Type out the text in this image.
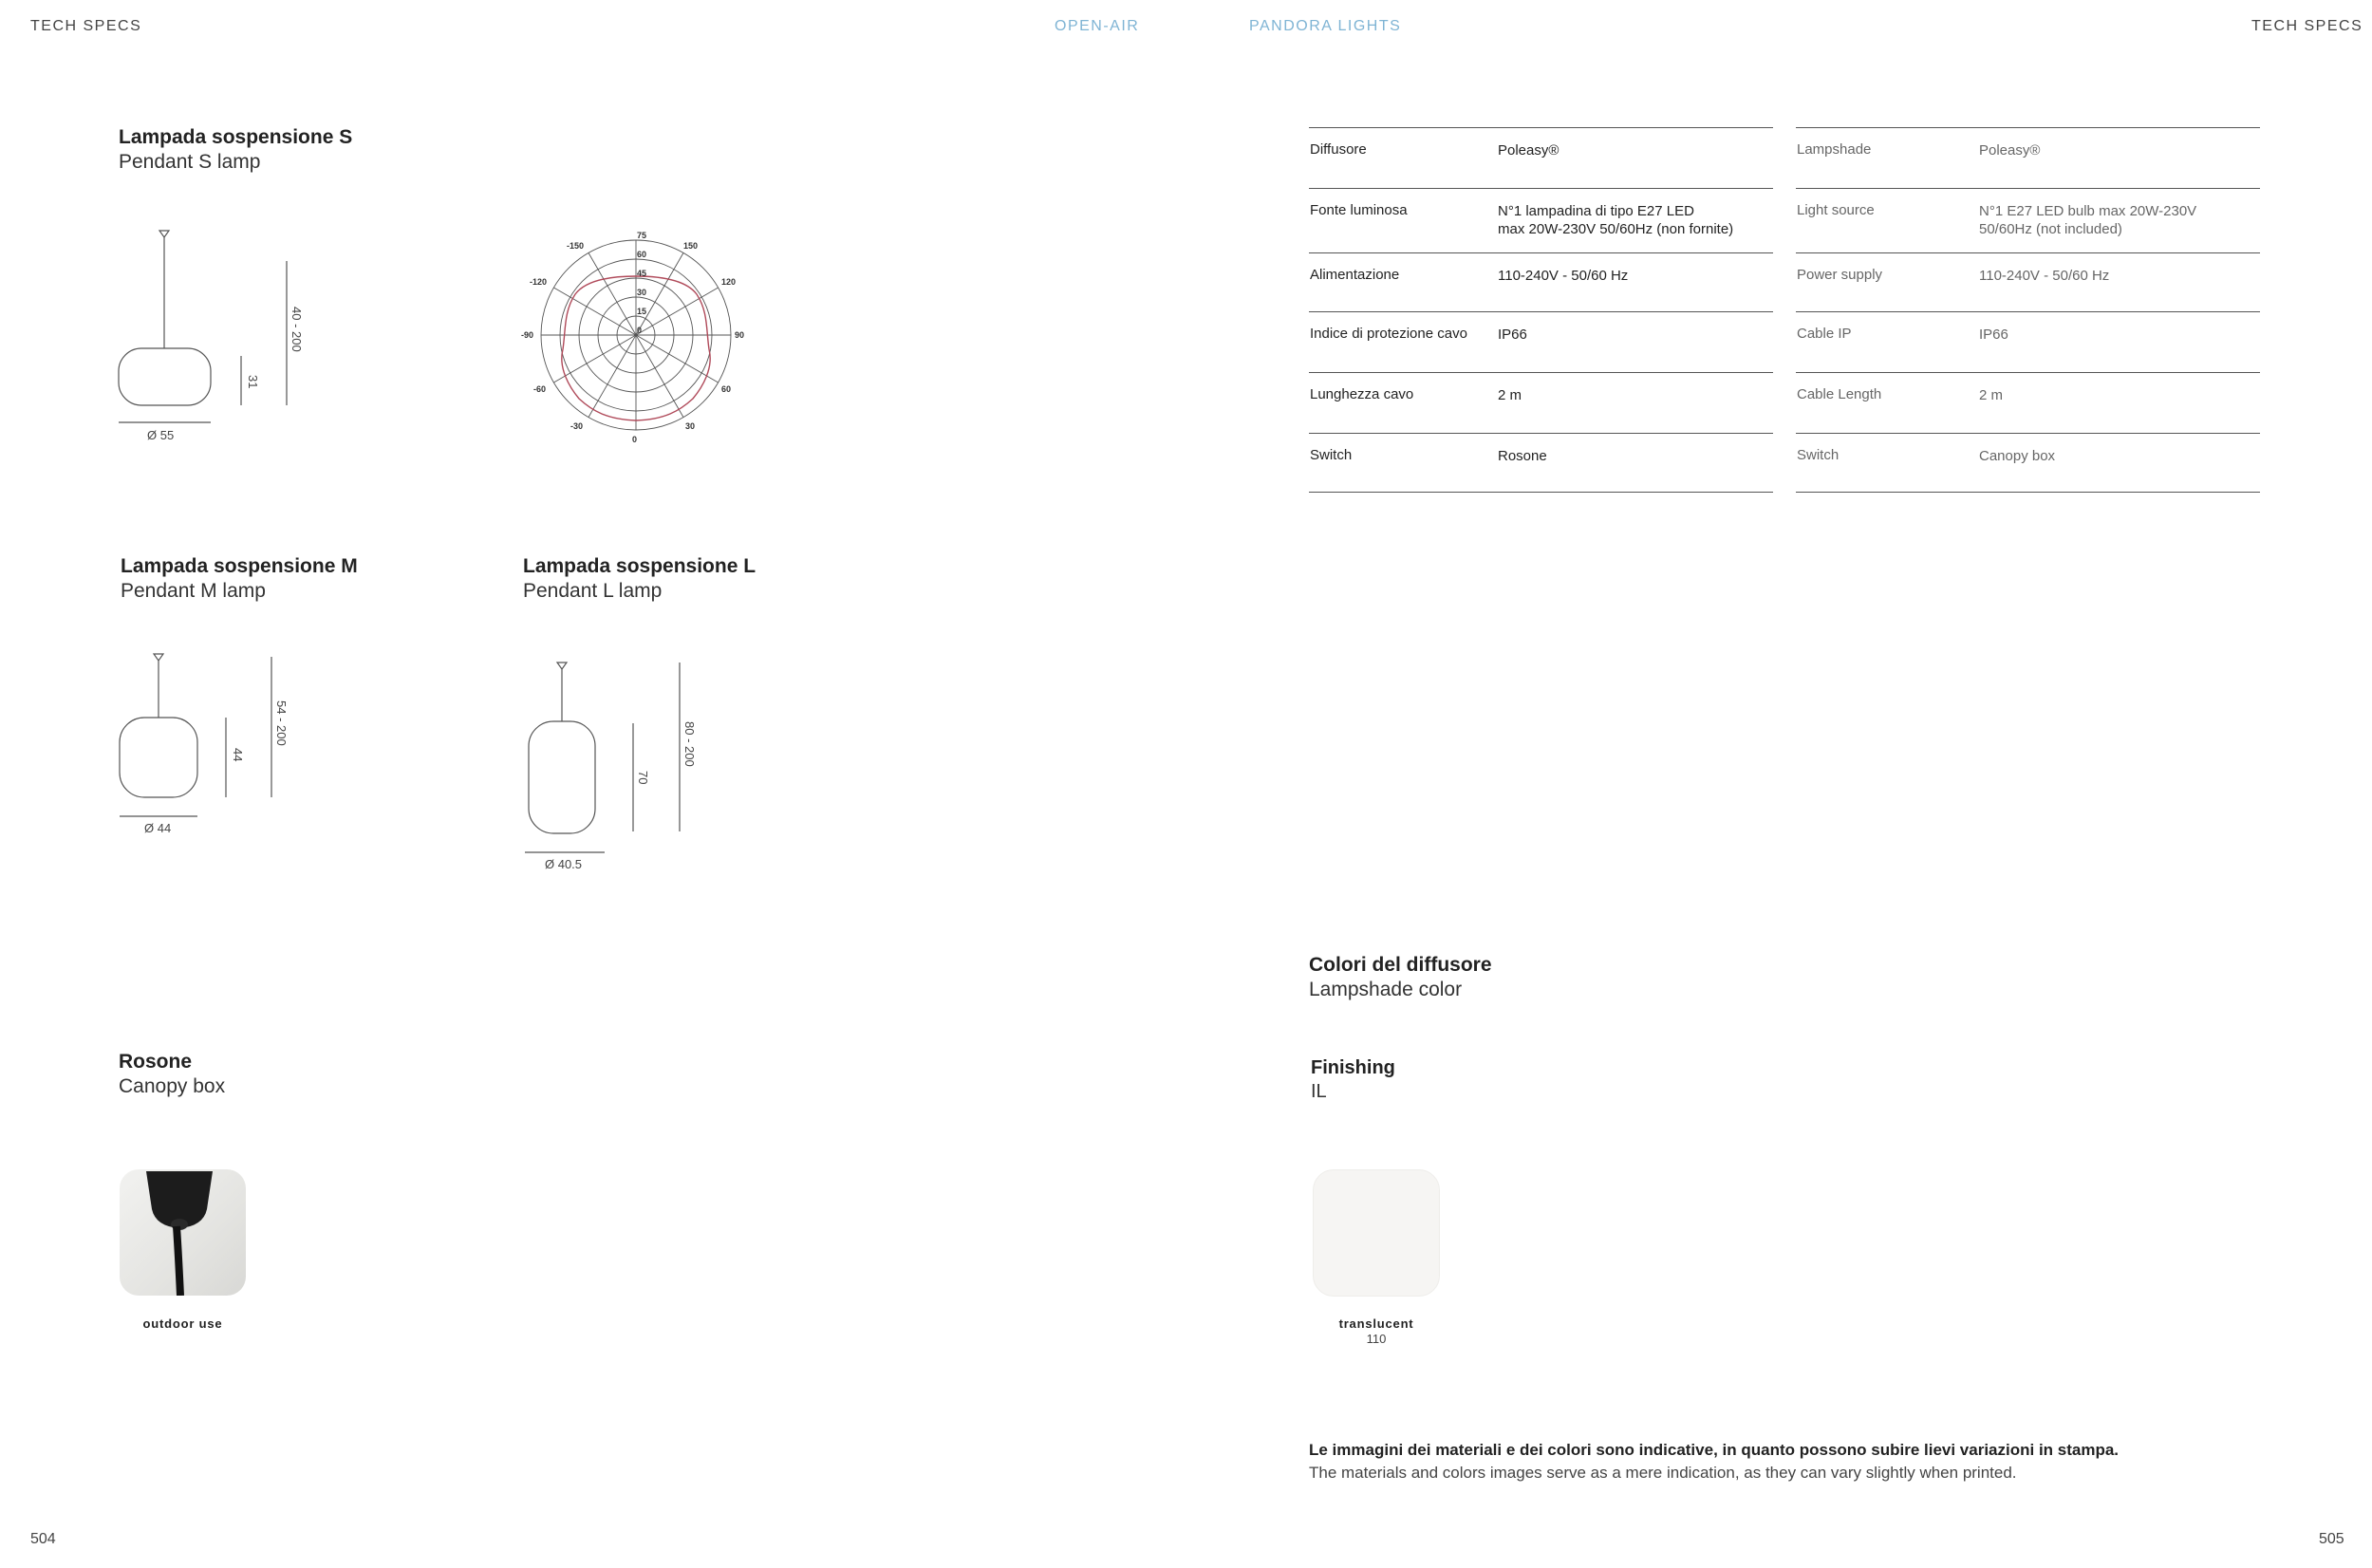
TECH SPECS	OPEN-AIR	PANDORA LIGHTS	TECH SPECS
Lampada sospensione S
Pendant S lamp
Ø 55
31
40 - 200
75
60
45
30
15
0
-150	150
-120	120
-90	90
-60	60
-30	30
0
Lampada sospensione M
Pendant M lamp
Ø 44
44
54 - 200
Lampada sospensione L
Pendant L lamp
Ø 40.5
70
80 - 200
Rosone
Canopy box
outdoor use
Diffusore	Poleasy®
Fonte luminosa	N°1 lampadina di tipo E27 LED
max 20W-230V 50/60Hz (non fornite)
Alimentazione	110-240V - 50/60 Hz
Indice di protezione cavo	IP66
Lunghezza cavo	2 m
Switch	Rosone
Lampshade	Poleasy®
Light source	N°1 E27 LED bulb max 20W-230V
50/60Hz (not included)
Power supply	110-240V - 50/60 Hz
Cable IP	IP66
Cable Length	2 m
Switch	Canopy box
Colori del diffusore
Lampshade color
Finishing
IL
translucent
110
Le immagini dei materiali e dei colori sono indicative, in quanto possono subire lievi variazioni in stampa.
The materials and colors images serve as a mere indication, as they can vary slightly when printed.
504	505
